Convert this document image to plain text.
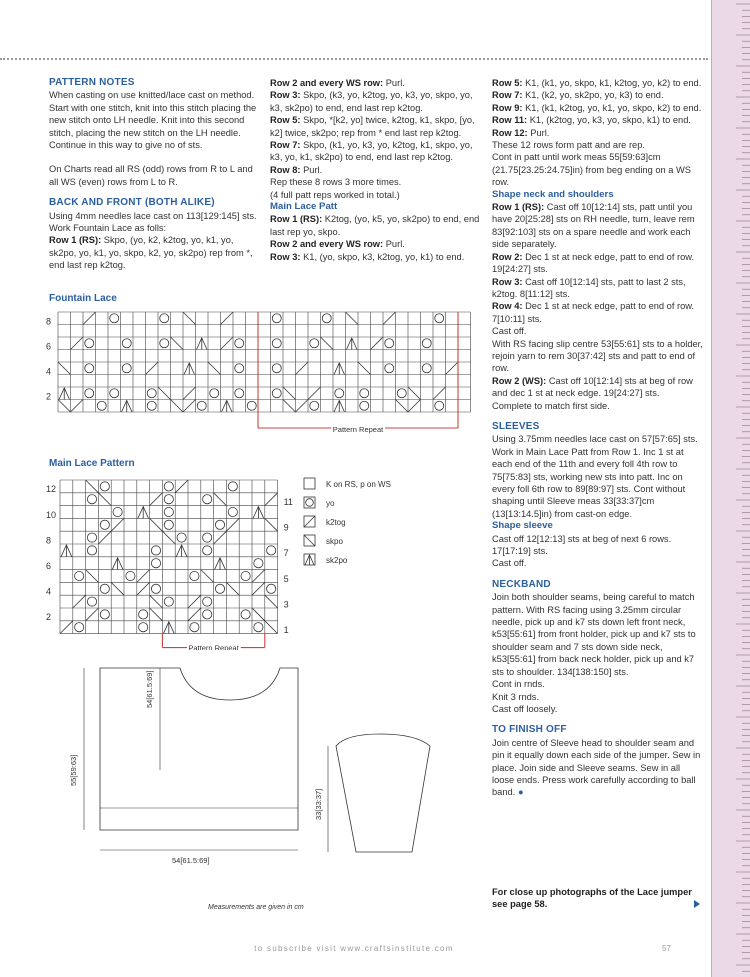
PATTERN NOTES

When casting on use knitted/lace cast on method. Start with one stitch, knit into this stitch placing the new stitch onto LH needle. Knit into this second stitch, placing the new stitch on the LH needle. Continue in this way to give no of sts.

On Charts read all RS (odd) rows from R to L and all WS (even) rows from L to R.

BACK AND FRONT (BOTH ALIKE)

Using 4mm needles lace cast on 113[129:145] sts.

Work Fountain Lace as folls:

Row 1 (RS): Skpo, (yo, k2, k2tog, yo, k1, yo, sk2po, yo, k1, yo, skpo, k2, yo, sk2po) rep from *, end last rep k2tog.

Row 2 and every WS row: Purl.

Row 3: Skpo, (k3, yo, k2tog, yo, k3, yo, skpo, yo, k3, sk2po) to end, end last rep k2tog.

Row 5: Skpo, *[k2, yo] twice, k2tog, k1, skpo, [yo, k2] twice, sk2po; rep from * end last rep k2tog.

Row 7: Skpo, (k1, yo, k3, yo, k2tog, k1, skpo, yo, k3, yo, k1, sk2po) to end, end last rep k2tog.

Row 8: Purl.

Rep these 8 rows 3 more times.

(4 full patt reps worked in total.)

Main Lace Patt

Row 1 (RS): K2tog, (yo, k5, yo, sk2po) to end, end last rep yo, skpo.

Row 2 and every WS row: Purl.

Row 3: K1, (yo, skpo, k3, k2tog, yo, k1) to end.

Row 5: K1, (k1, yo, skpo, k1, k2tog, yo, k2) to end.

Row 7: K1, (k2, yo, sk2po, yo, k3) to end.

Row 9: K1, (k1, k2tog, yo, k1, yo, skpo, k2) to end.

Row 11: K1, (k2tog, yo, k3, yo, skpo, k1) to end.

Row 12: Purl.

These 12 rows form patt and are rep.

Cont in patt until work meas 55[59:63]cm (21.75[23.25:24.75]in) from beg ending on a WS row.

Shape neck and shoulders

Row 1 (RS): Cast off 10[12:14] sts, patt until you have 20[25:28] sts on RH needle, turn, leave rem 83[92:103] sts on a spare needle and work each side separately.

Row 2: Dec 1 st at neck edge, patt to end of row. 19[24:27] sts.

Row 3: Cast off 10[12:14] sts, patt to last 2 sts, k2tog. 8[11:12] sts.

Row 4: Dec 1 st at neck edge, patt to end of row. 7[10:11] sts.

Cast off.

With RS facing slip centre 53[55:61] sts to a holder, rejoin yarn to rem 30[37:42] sts and patt to end of row.

Row 2 (WS): Cast off 10[12:14] sts at beg of row and dec 1 st at neck edge. 19[24:27] sts.

Complete to match first side.

SLEEVES

Using 3.75mm needles lace cast on 57[57:65] sts. Work in Main Lace Patt from Row 1. Inc 1 st at each end of the 11th and every foll 4th row to 75[75:83] sts, working new sts into patt. Inc on every foll 6th row to 89[89:97] sts. Cont without shaping until Sleeve meas 33[33:37]cm (13[13:14.5]in) from cast-on edge.

Shape sleeve

Cast off 12[12:13] sts at beg of next 6 rows. 17[17:19] sts.

Cast off.

NECKBAND

Join both shoulder seams, being careful to match pattern. With RS facing using 3.25mm circular needle, pick up and k7 sts down left front neck, k53[55:61] from front holder, pick up and k7 sts to shoulder seam and 7 sts down side neck, k53[55:61] from back neck holder, pick up and k7 sts to shoulder. 134[138:150] sts.

Cont in rnds.

Knit 3 rnds.

Cast off loosely.

TO FINISH OFF

Join centre of Sleeve head to shoulder seam and pin it equally down each side of the jumper. Sew in place. Join side and Sleeve seams. Sew in all loose ends. Press work carefully according to ball band. ●

For close up photographs of the Lace jumper see page 58.
Fountain Lace
8
6
4
2
Pattern Repeat
Main Lace Pattern
12
10
8
6
4
2
11
9
7
5
3
1
Pattern Repeat
K on RS, p on WS
yo
k2tog
skpo
sk2po
55[59:63]
54[61.5:69]
54[61.5:69]
33[33:37]
Measurements are given in cm
to subscribe visit www.craftsinstitute.com	57
